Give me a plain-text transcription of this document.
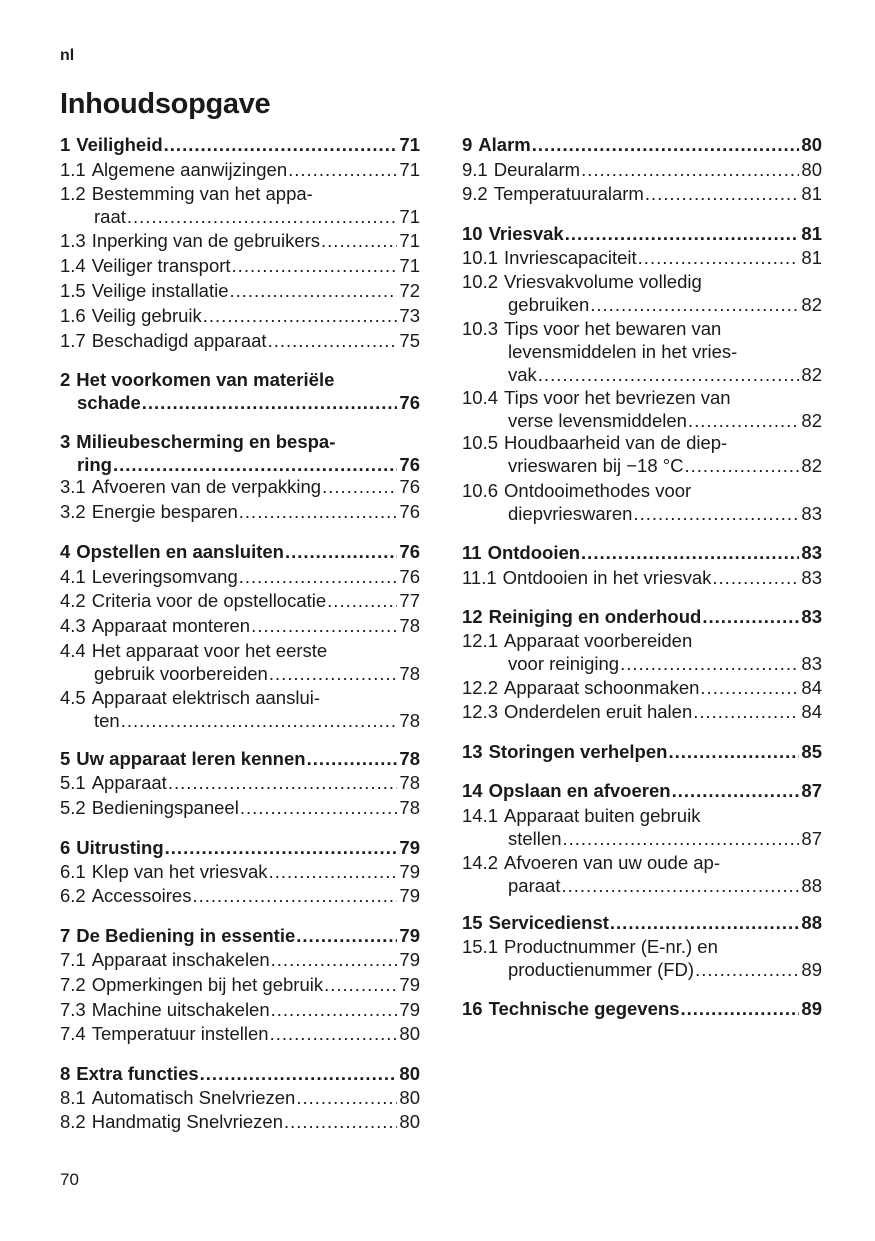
nl
Inhoudsopgave
1 Veiligheid .....	71
1.1 Algemene aanwijzingen .....	71
1.2 Bestemming van het appa-
raat .....	71
1.3 Inperking van de gebruikers .....	71
1.4 Veiliger transport .....	71
1.5 Veilige installatie .....	72
1.6 Veilig gebruik .....	73
1.7 Beschadigd apparaat .....	75
2 Het voorkomen van materiële
schade .....	76
3 Milieubescherming en bespa-
ring .....	76
3.1 Afvoeren van de verpakking .....	76
3.2 Energie besparen .....	76
4 Opstellen en aansluiten .....	76
4.1 Leveringsomvang .....	76
4.2 Criteria voor de opstellocatie .....	77
4.3 Apparaat monteren .....	78
4.4 Het apparaat voor het eerste
gebruik voorbereiden .....	78
4.5 Apparaat elektrisch aanslui-
ten .....	78
5 Uw apparaat leren kennen .....	78
5.1 Apparaat .....	78
5.2 Bedieningspaneel .....	78
6 Uitrusting .....	79
6.1 Klep van het vriesvak .....	79
6.2 Accessoires .....	79
7 De Bediening in essentie .....	79
7.1 Apparaat inschakelen .....	79
7.2 Opmerkingen bij het gebruik .....	79
7.3 Machine uitschakelen .....	79
7.4 Temperatuur instellen .....	80
8 Extra functies .....	80
8.1 Automatisch Snelvriezen .....	80
8.2 Handmatig Snelvriezen .....	80
9 Alarm .....	80
9.1 Deuralarm .....	80
9.2 Temperatuuralarm .....	81
10 Vriesvak .....	81
10.1 Invriescapaciteit .....	81
10.2 Vriesvakvolume volledig
gebruiken .....	82
10.3 Tips voor het bewaren van
levensmiddelen in het vries-
vak .....	82
10.4 Tips voor het bevriezen van
verse levensmiddelen .....	82
10.5 Houdbaarheid van de diep-
vrieswaren bij −18 °C .....	82
10.6 Ontdooimethodes voor
diepvrieswaren .....	83
11 Ontdooien .....	83
11.1 Ontdooien in het vriesvak .....	83
12 Reiniging en onderhoud .....	83
12.1 Apparaat voorbereiden
voor reiniging .....	83
12.2 Apparaat schoonmaken .....	84
12.3 Onderdelen eruit halen .....	84
13 Storingen verhelpen .....	85
14 Opslaan en afvoeren .....	87
14.1 Apparaat buiten gebruik
stellen .....	87
14.2 Afvoeren van uw oude ap-
paraat .....	88
15 Servicedienst .....	88
15.1 Productnummer (E-nr.) en
productienummer (FD) .....	89
16 Technische gegevens .....	89
70
